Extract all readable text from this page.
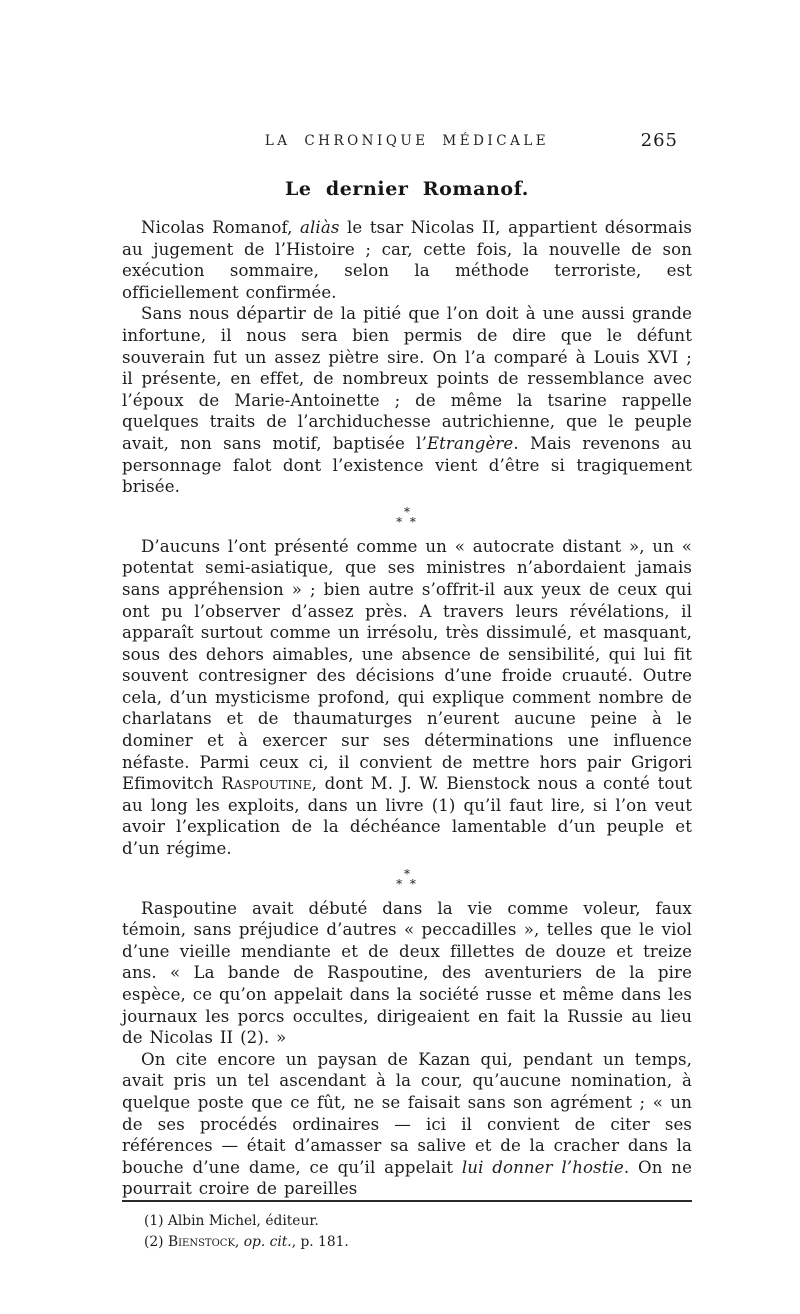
LA CHRONIQUE MÉDICALE	265
Le dernier Romanof.

Nicolas Romanof, aliàs le tsar Nicolas II, appartient désormais au jugement de l’Histoire ; car, cette fois, la nouvelle de son exécution sommaire, selon la méthode terroriste, est officiellement confirmée.

Sans nous départir de la pitié que l’on doit à une aussi grande infortune, il nous sera bien permis de dire que le défunt souverain fut un assez piètre sire. On l’a comparé à Louis XVI ; il présente, en effet, de nombreux points de ressemblance avec l’époux de Marie-Antoinette ; de même la tsarine rappelle quelques traits de l’archiduchesse autrichienne, que le peuple avait, non sans motif, baptisée l’Etrangère. Mais revenons au personnage falot dont l’existence vient d’être si tragiquement brisée.

*
* *

D’aucuns l’ont présenté comme un « autocrate distant », un « potentat semi-asiatique, que ses ministres n’abordaient jamais sans appréhension » ; bien autre s’offrit-il aux yeux de ceux qui ont pu l’observer d’assez près. A travers leurs révélations, il apparaît surtout comme un irrésolu, très dissimulé, et masquant, sous des dehors aimables, une absence de sensibilité, qui lui fit souvent contresigner des décisions d’une froide cruauté. Outre cela, d’un mysticisme profond, qui explique comment nombre de charlatans et de thaumaturges n’eurent aucune peine à le dominer et à exercer sur ses déterminations une influence néfaste. Parmi ceux ci, il convient de mettre hors pair Grigori Efimovitch Raspoutine, dont M. J. W. Bienstock nous a conté tout au long les exploits, dans un livre (1) qu’il faut lire, si l’on veut avoir l’explication de la déchéance lamentable d’un peuple et d’un régime.

*
* *

Raspoutine avait débuté dans la vie comme voleur, faux témoin, sans préjudice d’autres « peccadilles », telles que le viol d’une vieille mendiante et de deux fillettes de douze et treize ans. « La bande de Raspoutine, des aventuriers de la pire espèce, ce qu’on appelait dans la société russe et même dans les journaux les porcs occultes, dirigeaient en fait la Russie au lieu de Nicolas II (2). »

On cite encore un paysan de Kazan qui, pendant un temps, avait pris un tel ascendant à la cour, qu’aucune nomination, à quelque poste que ce fût, ne se faisait sans son agrément ; « un de ses procédés ordinaires — ici il convient de citer ses références — était d’amasser sa salive et de la cracher dans la bouche d’une dame, ce qu’il appelait lui donner l’hostie. On ne pourrait croire de pareilles

(1) Albin Michel, éditeur.

(2) Bienstock, op. cit., p. 181.
